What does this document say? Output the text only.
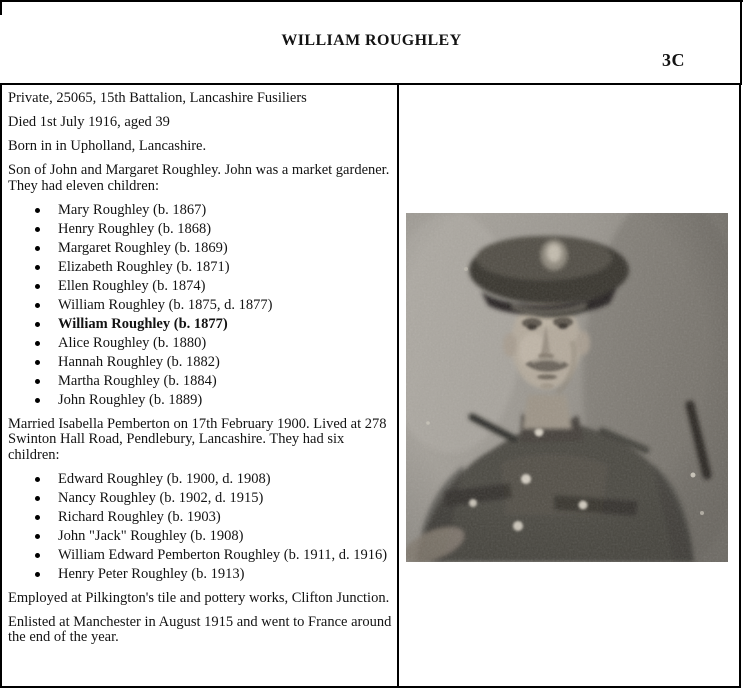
WILLIAM ROUGHLEY
3C

Private, 25065, 15th Battalion, Lancashire Fusiliers

Died 1st July 1916, aged 39

Born in in Upholland, Lancashire.

Son of John and Margaret Roughley. John was a market gardener. They had eleven children:

Mary Roughley (b. 1867)
Henry Roughley (b. 1868)
Margaret Roughley (b. 1869)
Elizabeth Roughley (b. 1871)
Ellen Roughley (b. 1874)
William Roughley (b. 1875, d. 1877)
William Roughley (b. 1877)
Alice Roughley (b. 1880)
Hannah Roughley (b. 1882)
Martha Roughley (b. 1884)
John Roughley (b. 1889)

Married Isabella Pemberton on 17th February 1900. Lived at 278 Swinton Hall Road, Pendlebury, Lancashire. They had six children:

Edward Roughley (b. 1900, d. 1908)
Nancy Roughley (b. 1902, d. 1915)
Richard Roughley (b. 1903)
John "Jack" Roughley (b. 1908)
William Edward Pemberton Roughley (b. 1911, d. 1916)
Henry Peter Roughley (b. 1913)

Employed at Pilkington's tile and pottery works, Clifton Junction.

Enlisted at Manchester in August 1915 and went to France around the end of the year.
